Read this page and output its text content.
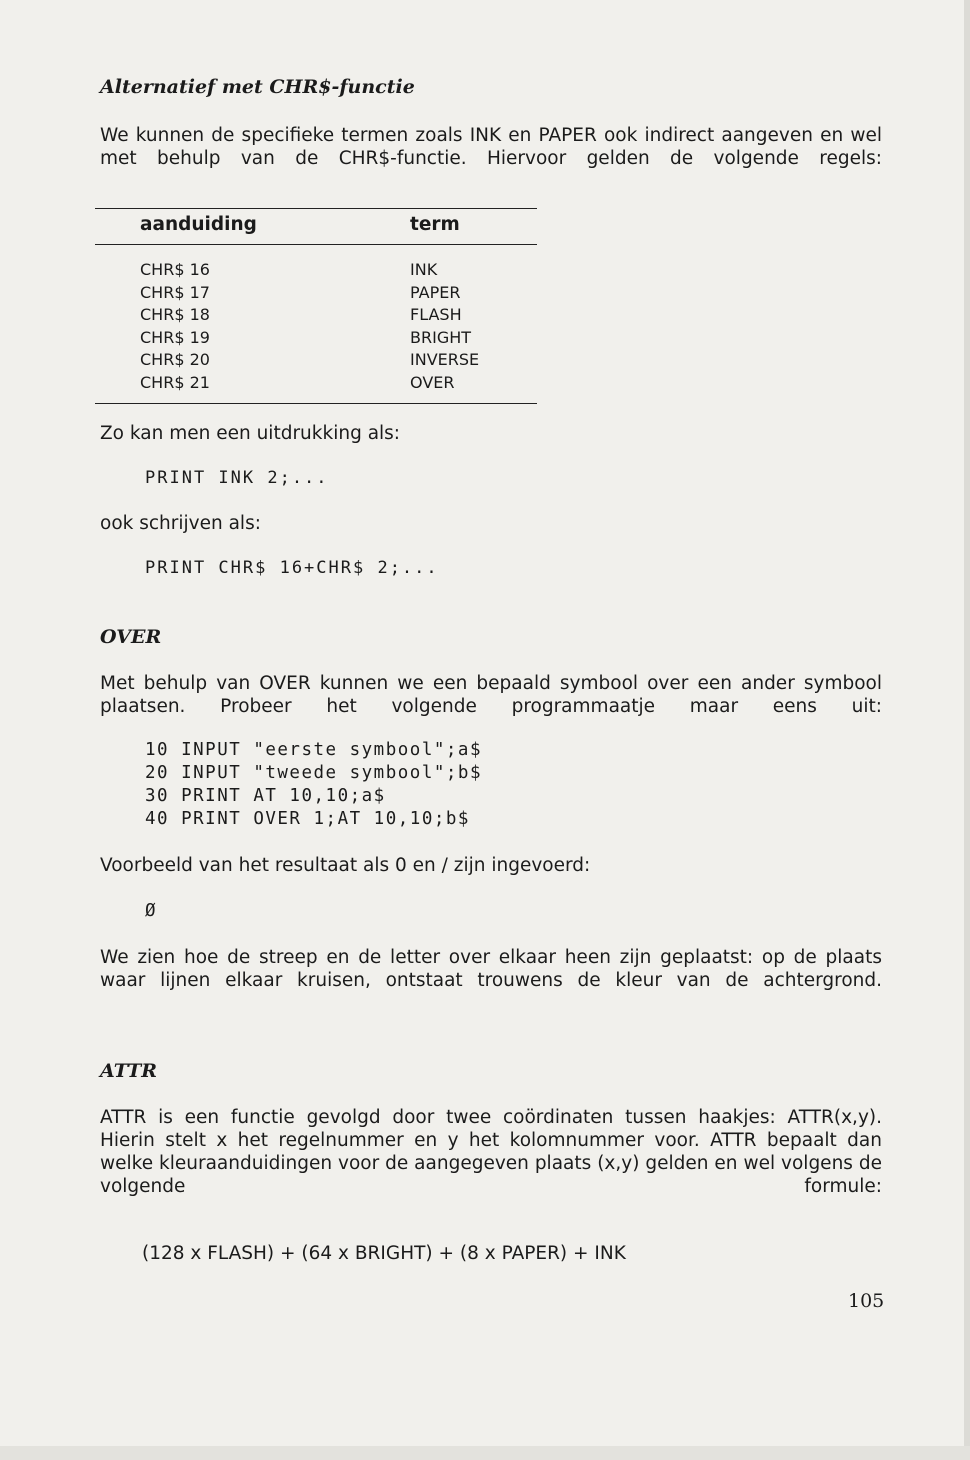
Alternatief met CHR$-functie
We kunnen de specifieke termen zoals INK en PAPER ook indirect aangeven en wel met behulp van de CHR$-functie. Hiervoor gelden de volgende regels:
aanduiding	term
CHR$ 16	INK
CHR$ 17	PAPER
CHR$ 18	FLASH
CHR$ 19	BRIGHT
CHR$ 20	INVERSE
CHR$ 21	OVER
Zo kan men een uitdrukking als:
PRINT INK 2;...
ook schrijven als:
PRINT CHR$ 16+CHR$ 2;...
OVER
Met behulp van OVER kunnen we een bepaald symbool over een ander symbool plaatsen. Probeer het volgende programmaatje maar eens uit:
10 INPUT "eerste symbool";a$
20 INPUT "tweede symbool";b$
30 PRINT AT 10,10;a$
40 PRINT OVER 1;AT 10,10;b$
Voorbeeld van het resultaat als 0 en / zijn ingevoerd:
Ø
We zien hoe de streep en de letter over elkaar heen zijn geplaatst: op de plaats waar lijnen elkaar kruisen, ontstaat trouwens de kleur van de achtergrond.
ATTR
ATTR is een functie gevolgd door twee coördinaten tussen haakjes: ATTR(x,y). Hierin stelt x het regelnummer en y het kolomnummer voor. ATTR bepaalt dan welke kleuraanduidingen voor de aangegeven plaats (x,y) gelden en wel volgens de volgende formule:
(128 x FLASH) + (64 x BRIGHT) + (8 x PAPER) + INK
105
